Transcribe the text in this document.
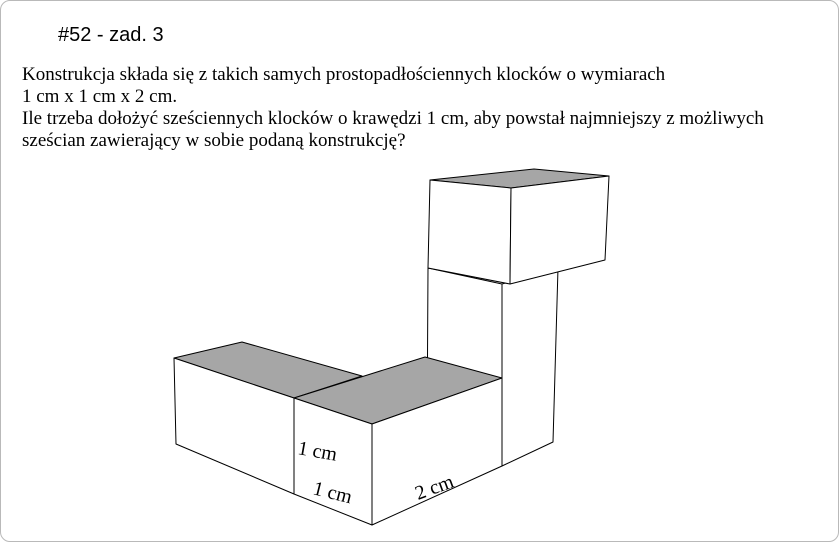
#52 - zad. 3
Konstrukcja składa się z takich samych prostopadłościennych klocków o wymiarach
1 cm x 1 cm x 2 cm.
Ile trzeba dołożyć sześciennych klocków o krawędzi 1 cm, aby powstał najmniejszy z możliwych
sześcian zawierający w sobie podaną konstrukcję?
1 cm
1 cm	2 cm
